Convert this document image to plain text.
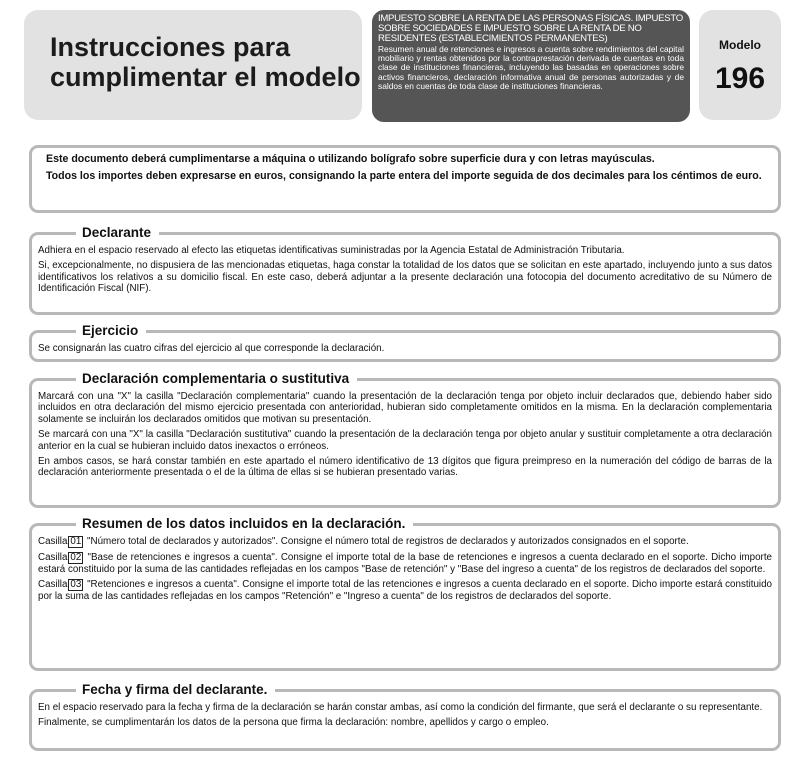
Instrucciones para
cumplimentar el modelo
IMPUESTO SOBRE LA RENTA DE LAS PERSONAS FÍSICAS. IMPUESTO SOBRE SOCIEDADES E IMPUESTO SOBRE LA RENTA DE NO RESIDENTES (ESTABLECIMIENTOS PERMANENTES)
Resumen anual de retenciones e ingresos a cuenta sobre rendimientos del capital mobiliario y rentas obtenidos por la contraprestación derivada de cuentas en toda clase de instituciones financieras, incluyendo las basadas en operaciones sobre activos financieros, declaración informativa anual de personas autorizadas y de saldos en cuentas de toda clase de instituciones financieras.
Modelo
196

Este documento deberá cumplimentarse a máquina o utilizando bolígrafo sobre superficie dura y con letras mayúsculas.

Todos los importes deben expresarse en euros, consignando la parte entera del importe seguida de dos decimales para los céntimos de euro.

Declarante

Adhiera en el espacio reservado al efecto las etiquetas identificativas suministradas por la Agencia Estatal de Administración Tributaria.

Si, excepcionalmente, no dispusiera de las mencionadas etiquetas, haga constar la totalidad de los datos que se solicitan en este apartado, incluyendo junto a sus datos identificativos los relativos a su domicilio fiscal. En este caso, deberá adjuntar a la presente declaración una fotocopia del documento acreditativo de su Número de Identificación Fiscal (NIF).

Ejercicio

Se consignarán las cuatro cifras del ejercicio al que corresponde la declaración.

Declaración complementaria o sustitutiva

Marcará con una "X" la casilla "Declaración complementaria" cuando la presentación de la declaración tenga por objeto incluir declarados que, debiendo haber sido incluidos en otra declaración del mismo ejercicio presentada con anterioridad, hubieran sido completamente omitidos en la misma. En la declaración complementaria solamente se incluirán los declarados omitidos que motivan su presentación.

Se marcará con una "X" la casilla "Declaración sustitutiva" cuando la presentación de la declaración tenga por objeto anular y sustituir completamente a otra declaración anterior en la cual se hubieran incluido datos inexactos o erróneos.

En ambos casos, se hará constar también en este apartado el número identificativo de 13 dígitos que figura preimpreso en la numeración del código de barras de la declaración anteriormente presentada o el de la última de ellas si se hubieran presentado varias.

Resumen de los datos incluidos en la declaración.

Casilla 01 "Número total de declarados y autorizados". Consigne el número total de registros de declarados y autorizados consignados en el soporte.

Casilla 02 "Base de retenciones e ingresos a cuenta". Consigne el importe total de la base de retenciones e ingresos a cuenta declarado en el soporte. Dicho importe estará constituido por la suma de las cantidades reflejadas en los campos "Base de retención" y "Base del ingreso a cuenta" de los registros de declarados del soporte.

Casilla 03 "Retenciones e ingresos a cuenta". Consigne el importe total de las retenciones e ingresos a cuenta declarado en el soporte. Dicho importe estará constituido por la suma de las cantidades reflejadas en los campos "Retención" e "Ingreso a cuenta" de los registros de declarados del soporte.

Fecha y firma del declarante.

En el espacio reservado para la fecha y firma de la declaración se harán constar ambas, así como la condición del firmante, que será el declarante o su representante.

Finalmente, se cumplimentarán los datos de la persona que firma la declaración: nombre, apellidos y cargo o empleo.
